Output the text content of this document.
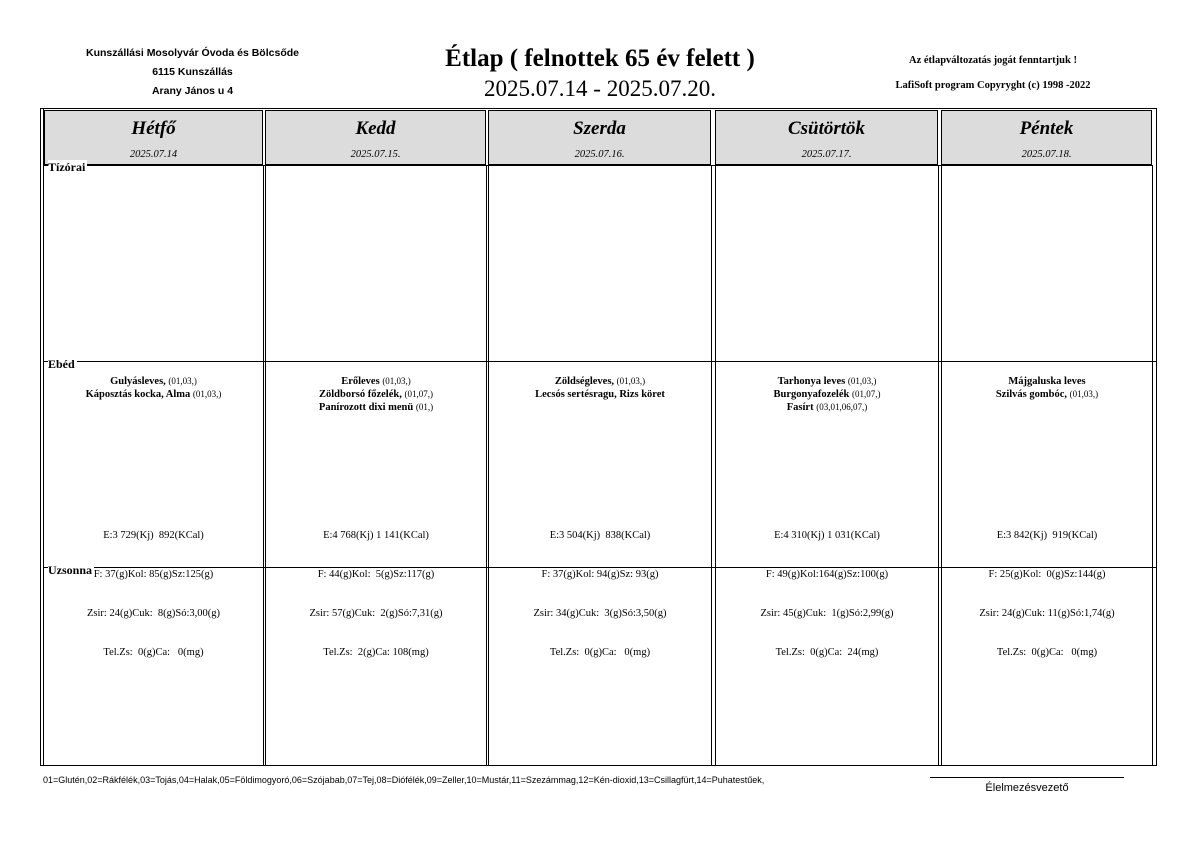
Kunszállási Mosolyvár Óvoda és Bölcsőde
6115 Kunszállás
Arany János u 4
Étlap ( felnottek 65 év felett )
2025.07.14 - 2025.07.20.
Az étlapváltozatás jogát fenntartjuk !
LafiSoft program Copyryght (c) 1998 -2022
Hétfő
2025.07.14
Kedd
2025.07.15.
Szerda
2025.07.16.
Csütörtök
2025.07.17.
Péntek
2025.07.18.
Tízórai
Ebéd
Uzsonna
Gulyásleves, (01,03,)
Káposztás kocka, Alma (01,03,)
Erőleves (01,03,)
Zöldborsó főzelék, (01,07,)
Panírozott dixi menü (01,)
Zöldségleves, (01,03,)
Lecsós sertésragu, Rizs köret
Tarhonya leves (01,03,)
Burgonyafozelék (01,07,)
Fasírt (03,01,06,07,)
Májgaluska leves
Szilvás gombóc, (01,03,)

E:3 729(Kj)  892(KCal)

F: 37(g)Kol: 85(g)Sz:125(g)

Zsir: 24(g)Cuk:  8(g)Só:3,00(g)

Tel.Zs:  0(g)Ca:   0(mg)

E:4 768(Kj) 1 141(KCal)

F: 44(g)Kol:  5(g)Sz:117(g)

Zsir: 57(g)Cuk:  2(g)Só:7,31(g)

Tel.Zs:  2(g)Ca: 108(mg)

E:3 504(Kj)  838(KCal)

F: 37(g)Kol: 94(g)Sz: 93(g)

Zsir: 34(g)Cuk:  3(g)Só:3,50(g)

Tel.Zs:  0(g)Ca:   0(mg)

E:4 310(Kj) 1 031(KCal)

F: 49(g)Kol:164(g)Sz:100(g)

Zsir: 45(g)Cuk:  1(g)Só:2,99(g)

Tel.Zs:  0(g)Ca:  24(mg)

E:3 842(Kj)  919(KCal)

F: 25(g)Kol:  0(g)Sz:144(g)

Zsir: 24(g)Cuk: 11(g)Só:1,74(g)

Tel.Zs:  0(g)Ca:   0(mg)

01=Glutén,02=Rákfélék,03=Tojás,04=Halak,05=Földimogyoró,06=Szójabab,07=Tej,08=Diófélék,09=Zeller,10=Mustár,11=Szezámmag,12=Kén-dioxid,13=Csillagfürt,14=Puhatestűek,
Élelmezésvezető
